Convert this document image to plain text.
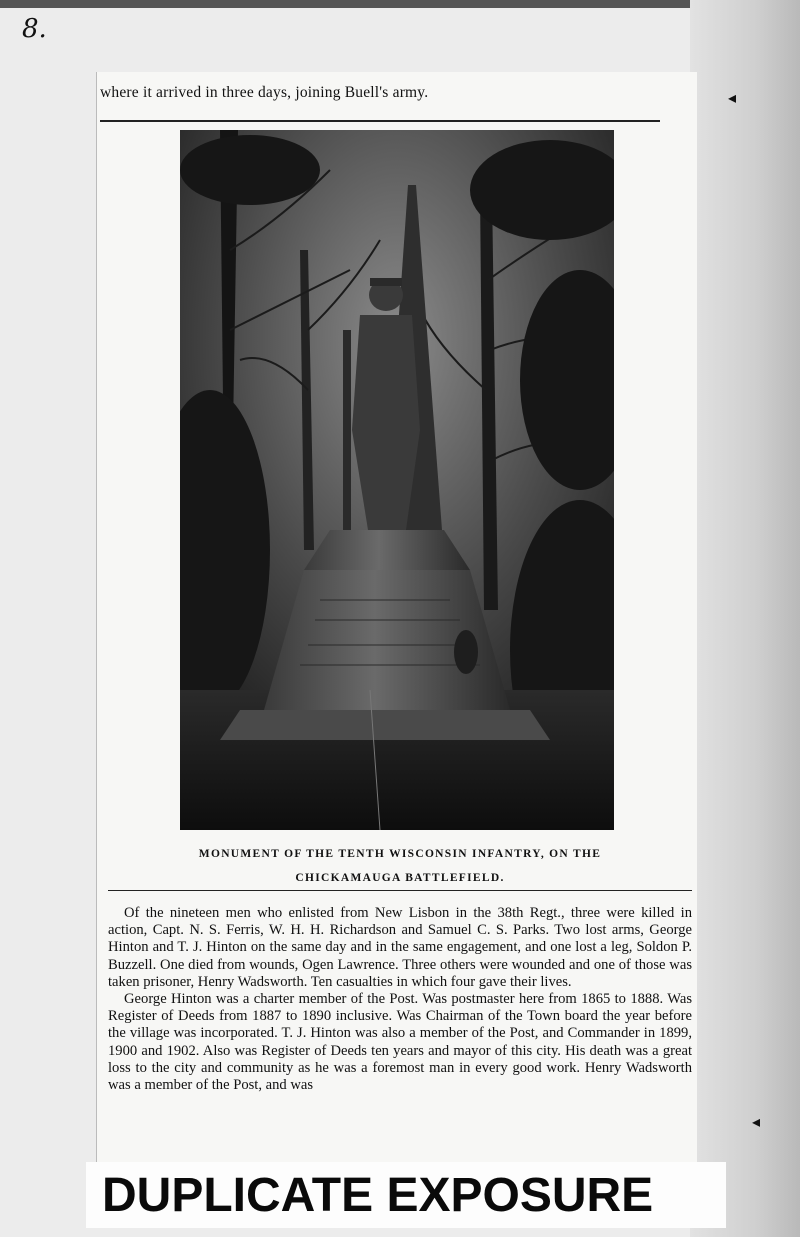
8.
where it arrived in three days, joining Buell's army.
MONUMENT OF THE TENTH WISCONSIN INFANTRY, ON THE
CHICKAMAUGA BATTLEFIELD.

Of the nineteen men who enlisted from New Lisbon in the 38th Regt., three were killed in action, Capt. N. S. Ferris, W. H. H. Richardson and Samuel C. S. Parks. Two lost arms, George Hinton and T. J. Hinton on the same day and in the same engagement, and one lost a leg, Soldon P. Buzzell. One died from wounds, Ogen Lawrence. Three others were wounded and one of those was taken prisoner, Henry Wadsworth. Ten casualties in which four gave their lives.

George Hinton was a charter member of the Post. Was postmaster here from 1865 to 1888. Was Register of Deeds from 1887 to 1890 inclusive. Was Chairman of the Town board the year before the village was incorporated. T. J. Hinton was also a member of the Post, and Commander in 1899, 1900 and 1902. Also was Register of Deeds ten years and mayor of this city. His death was a great loss to the city and community as he was a foremost man in every good work. Henry Wadsworth was a member of the Post, and was

DUPLICATE EXPOSURE
◂
◂
